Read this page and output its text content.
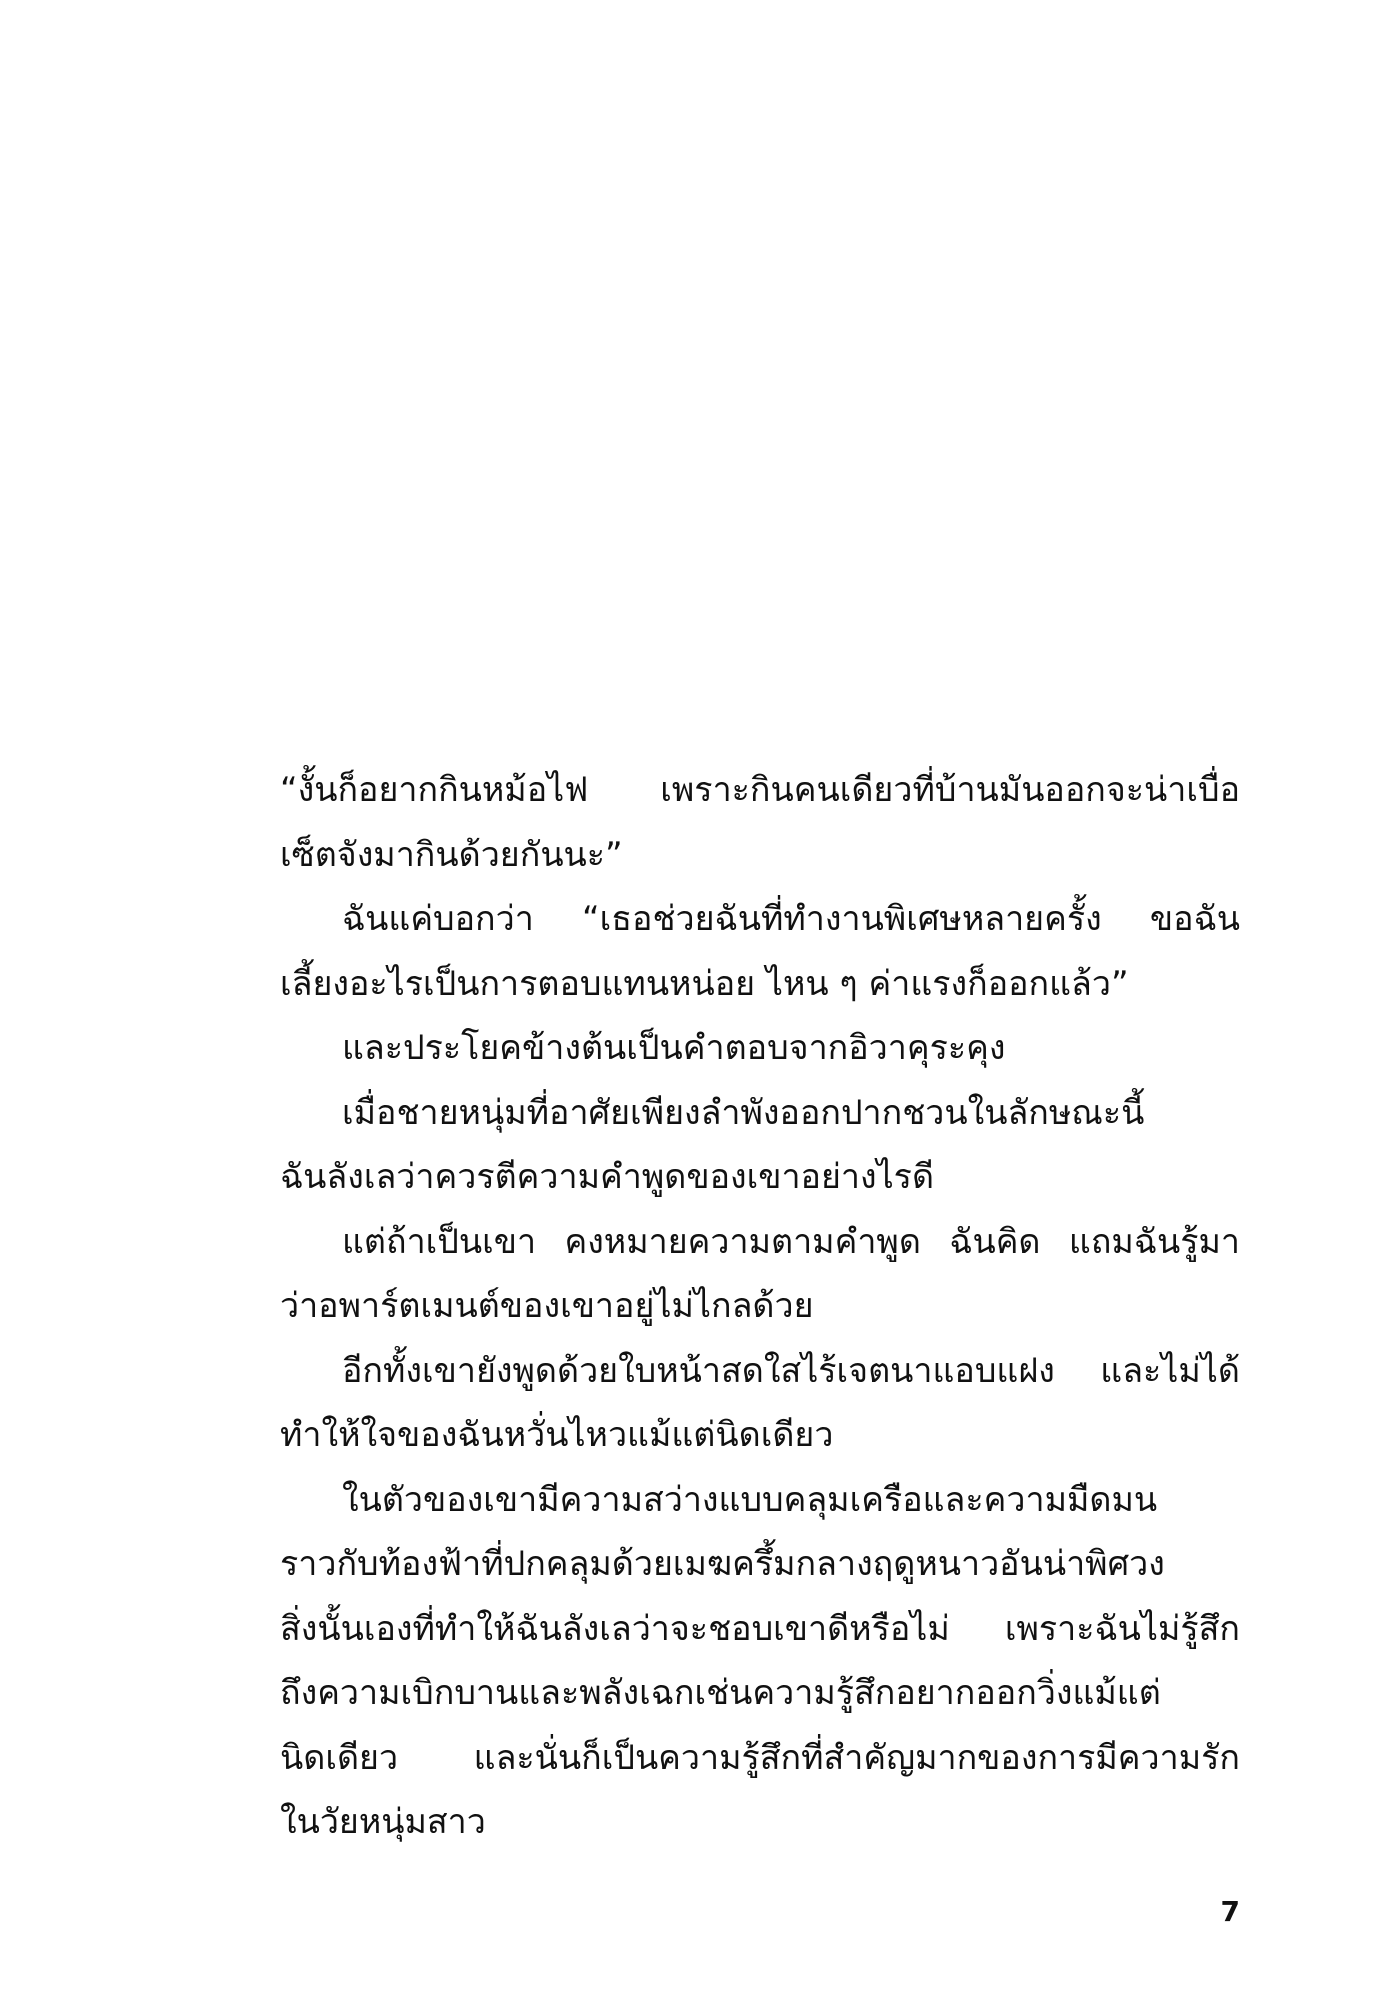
“งั้นก็อยากกินหม้อไฟ เพราะกินคนเดียวที่บ้านมันออกจะน่าเบื่อ
เซ็ตจังมากินด้วยกันนะ”
ฉันแค่บอกว่า “เธอช่วยฉันที่ทำงานพิเศษหลายครั้ง ขอฉัน
เลี้ยงอะไรเป็นการตอบแทนหน่อย ไหน ๆ ค่าแรงก็ออกแล้ว”
และประโยคข้างต้นเป็นคำตอบจากอิวาคุระคุง
เมื่อชายหนุ่มที่อาศัยเพียงลำพังออกปากชวนในลักษณะนี้
ฉันลังเลว่าควรตีความคำพูดของเขาอย่างไรดี
แต่ถ้าเป็นเขา คงหมายความตามคำพูด ฉันคิด แถมฉันรู้มา
ว่าอพาร์ตเมนต์ของเขาอยู่ไม่ไกลด้วย
อีกทั้งเขายังพูดด้วยใบหน้าสดใสไร้เจตนาแอบแฝง และไม่ได้
ทำให้ใจของฉันหวั่นไหวแม้แต่นิดเดียว
ในตัวของเขามีความสว่างแบบคลุมเครือและความมืดมน
ราวกับท้องฟ้าที่ปกคลุมด้วยเมฆครึ้มกลางฤดูหนาวอันน่าพิศวง
สิ่งนั้นเองที่ทำให้ฉันลังเลว่าจะชอบเขาดีหรือไม่ เพราะฉันไม่รู้สึก
ถึงความเบิกบานและพลังเฉกเช่นความรู้สึกอยากออกวิ่งแม้แต่
นิดเดียว และนั่นก็เป็นความรู้สึกที่สำคัญมากของการมีความรัก
ในวัยหนุ่มสาว
7
